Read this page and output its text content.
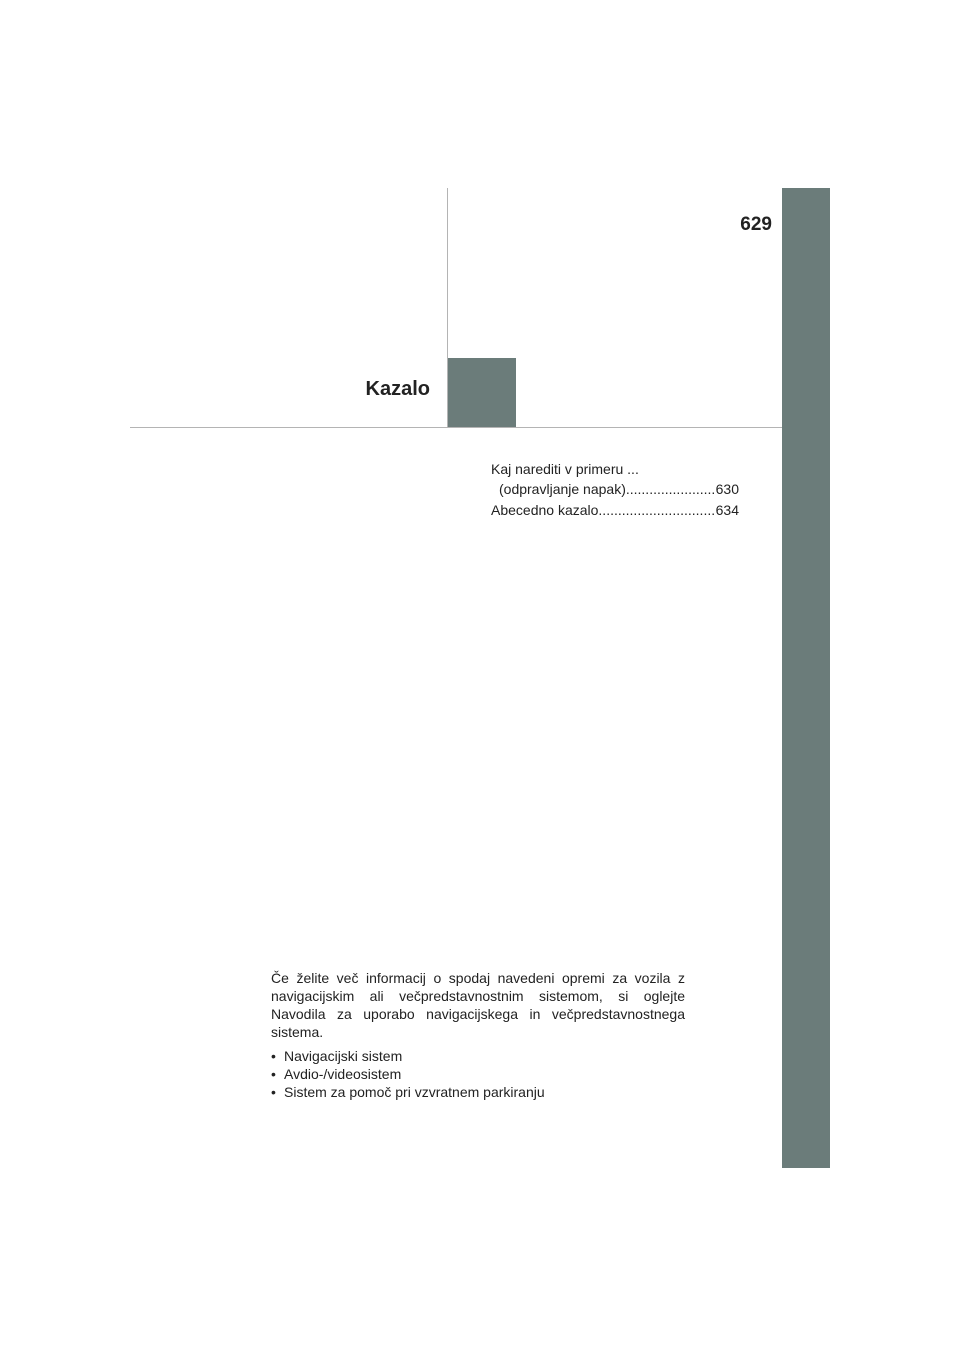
629
Kazalo
Kaj narediti v primeru ...
(odpravljanje napak) .....	630
Abecedno kazalo .....	634
Če želite več informacij o spodaj navedeni opremi za vozila z navigacijskim ali večpredstavnostnim sistemom, si oglejte Navodila za uporabo navigacijskega in večpredstavnostnega sistema.
• Navigacijski sistem
• Avdio-/videosistem
• Sistem za pomoč pri vzvratnem parkiranju
